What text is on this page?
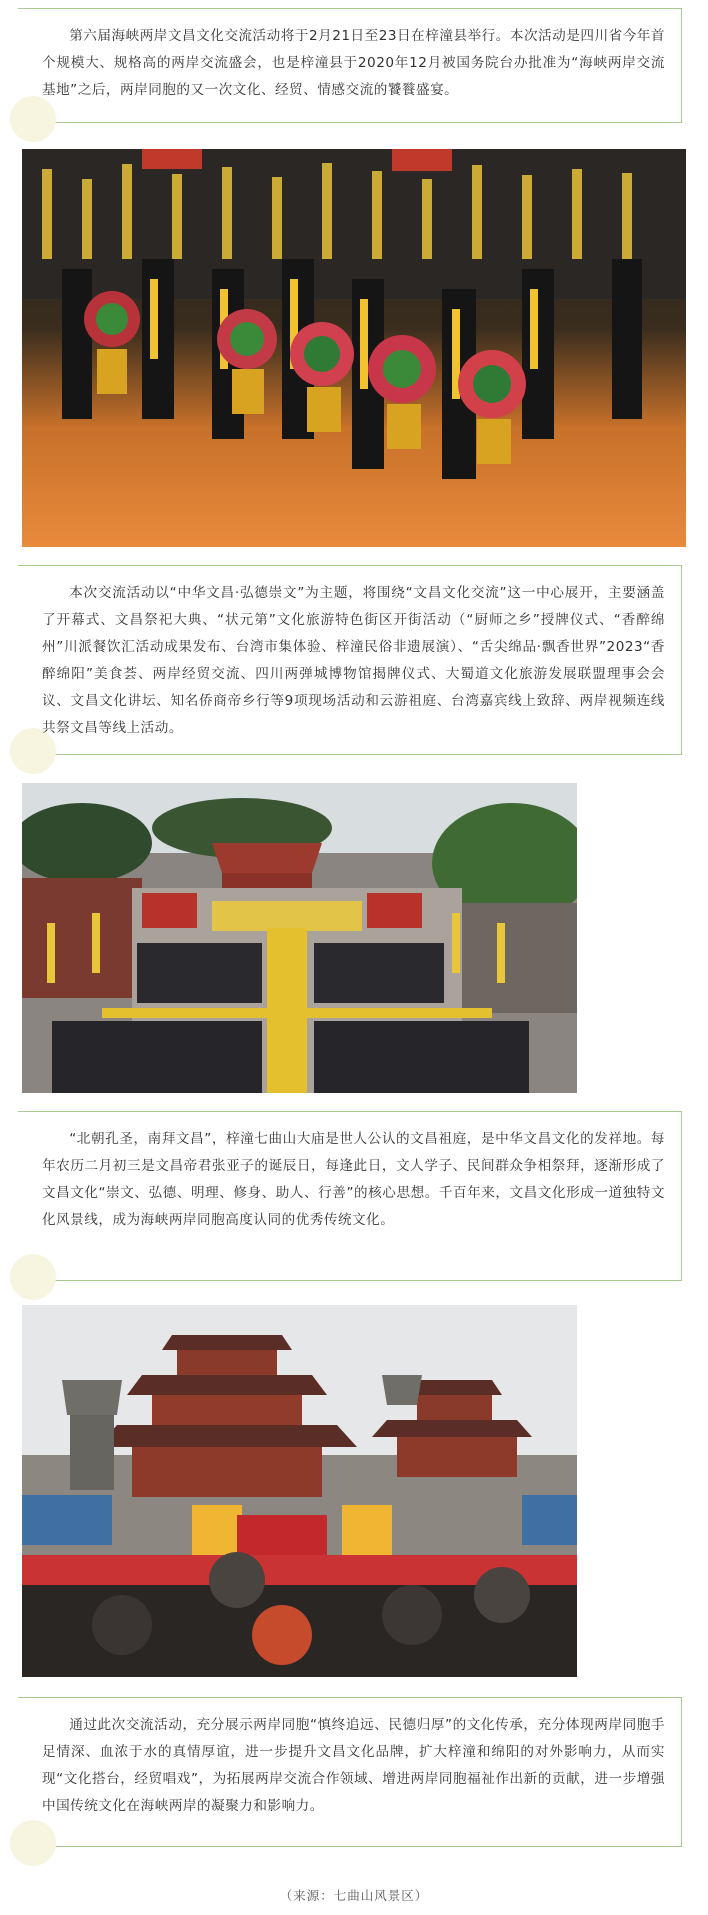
第六届海峡两岸文昌文化交流活动将于2月21日至23日在梓潼县举行。本次活动是四川省今年首个规模大、规格高的两岸交流盛会，也是梓潼县于2020年12月被国务院台办批准为“海峡两岸交流基地”之后，两岸同胞的又一次文化、经贸、情感交流的饕餮盛宴。

本次交流活动以“中华文昌·弘德崇文”为主题，将围绕“文昌文化交流”这一中心展开，主要涵盖了开幕式、文昌祭祀大典、“状元第”文化旅游特色街区开街活动（“厨师之乡”授牌仪式、“香醉绵州”川派餐饮汇活动成果发布、台湾市集体验、梓潼民俗非遗展演）、“舌尖绵品·飘香世界”2023“香醉绵阳”美食荟、两岸经贸交流、四川两弹城博物馆揭牌仪式、大蜀道文化旅游发展联盟理事会会议、文昌文化讲坛、知名侨商帝乡行等9项现场活动和云游祖庭、台湾嘉宾线上致辞、两岸视频连线共祭文昌等线上活动。

“北朝孔圣，南拜文昌”，梓潼七曲山大庙是世人公认的文昌祖庭，是中华文昌文化的发祥地。每年农历二月初三是文昌帝君张亚子的诞辰日，每逢此日，文人学子、民间群众争相祭拜，逐渐形成了文昌文化“崇文、弘德、明理、修身、助人、行善”的核心思想。千百年来，文昌文化形成一道独特文化风景线，成为海峡两岸同胞高度认同的优秀传统文化。

通过此次交流活动，充分展示两岸同胞“慎终追远、民德归厚”的文化传承，充分体现两岸同胞手足情深、血浓于水的真情厚谊，进一步提升文昌文化品牌，扩大梓潼和绵阳的对外影响力，从而实现“文化搭台，经贸唱戏”，为拓展两岸交流合作领域、增进两岸同胞福祉作出新的贡献，进一步增强中国传统文化在海峡两岸的凝聚力和影响力。

（来源：七曲山风景区）
